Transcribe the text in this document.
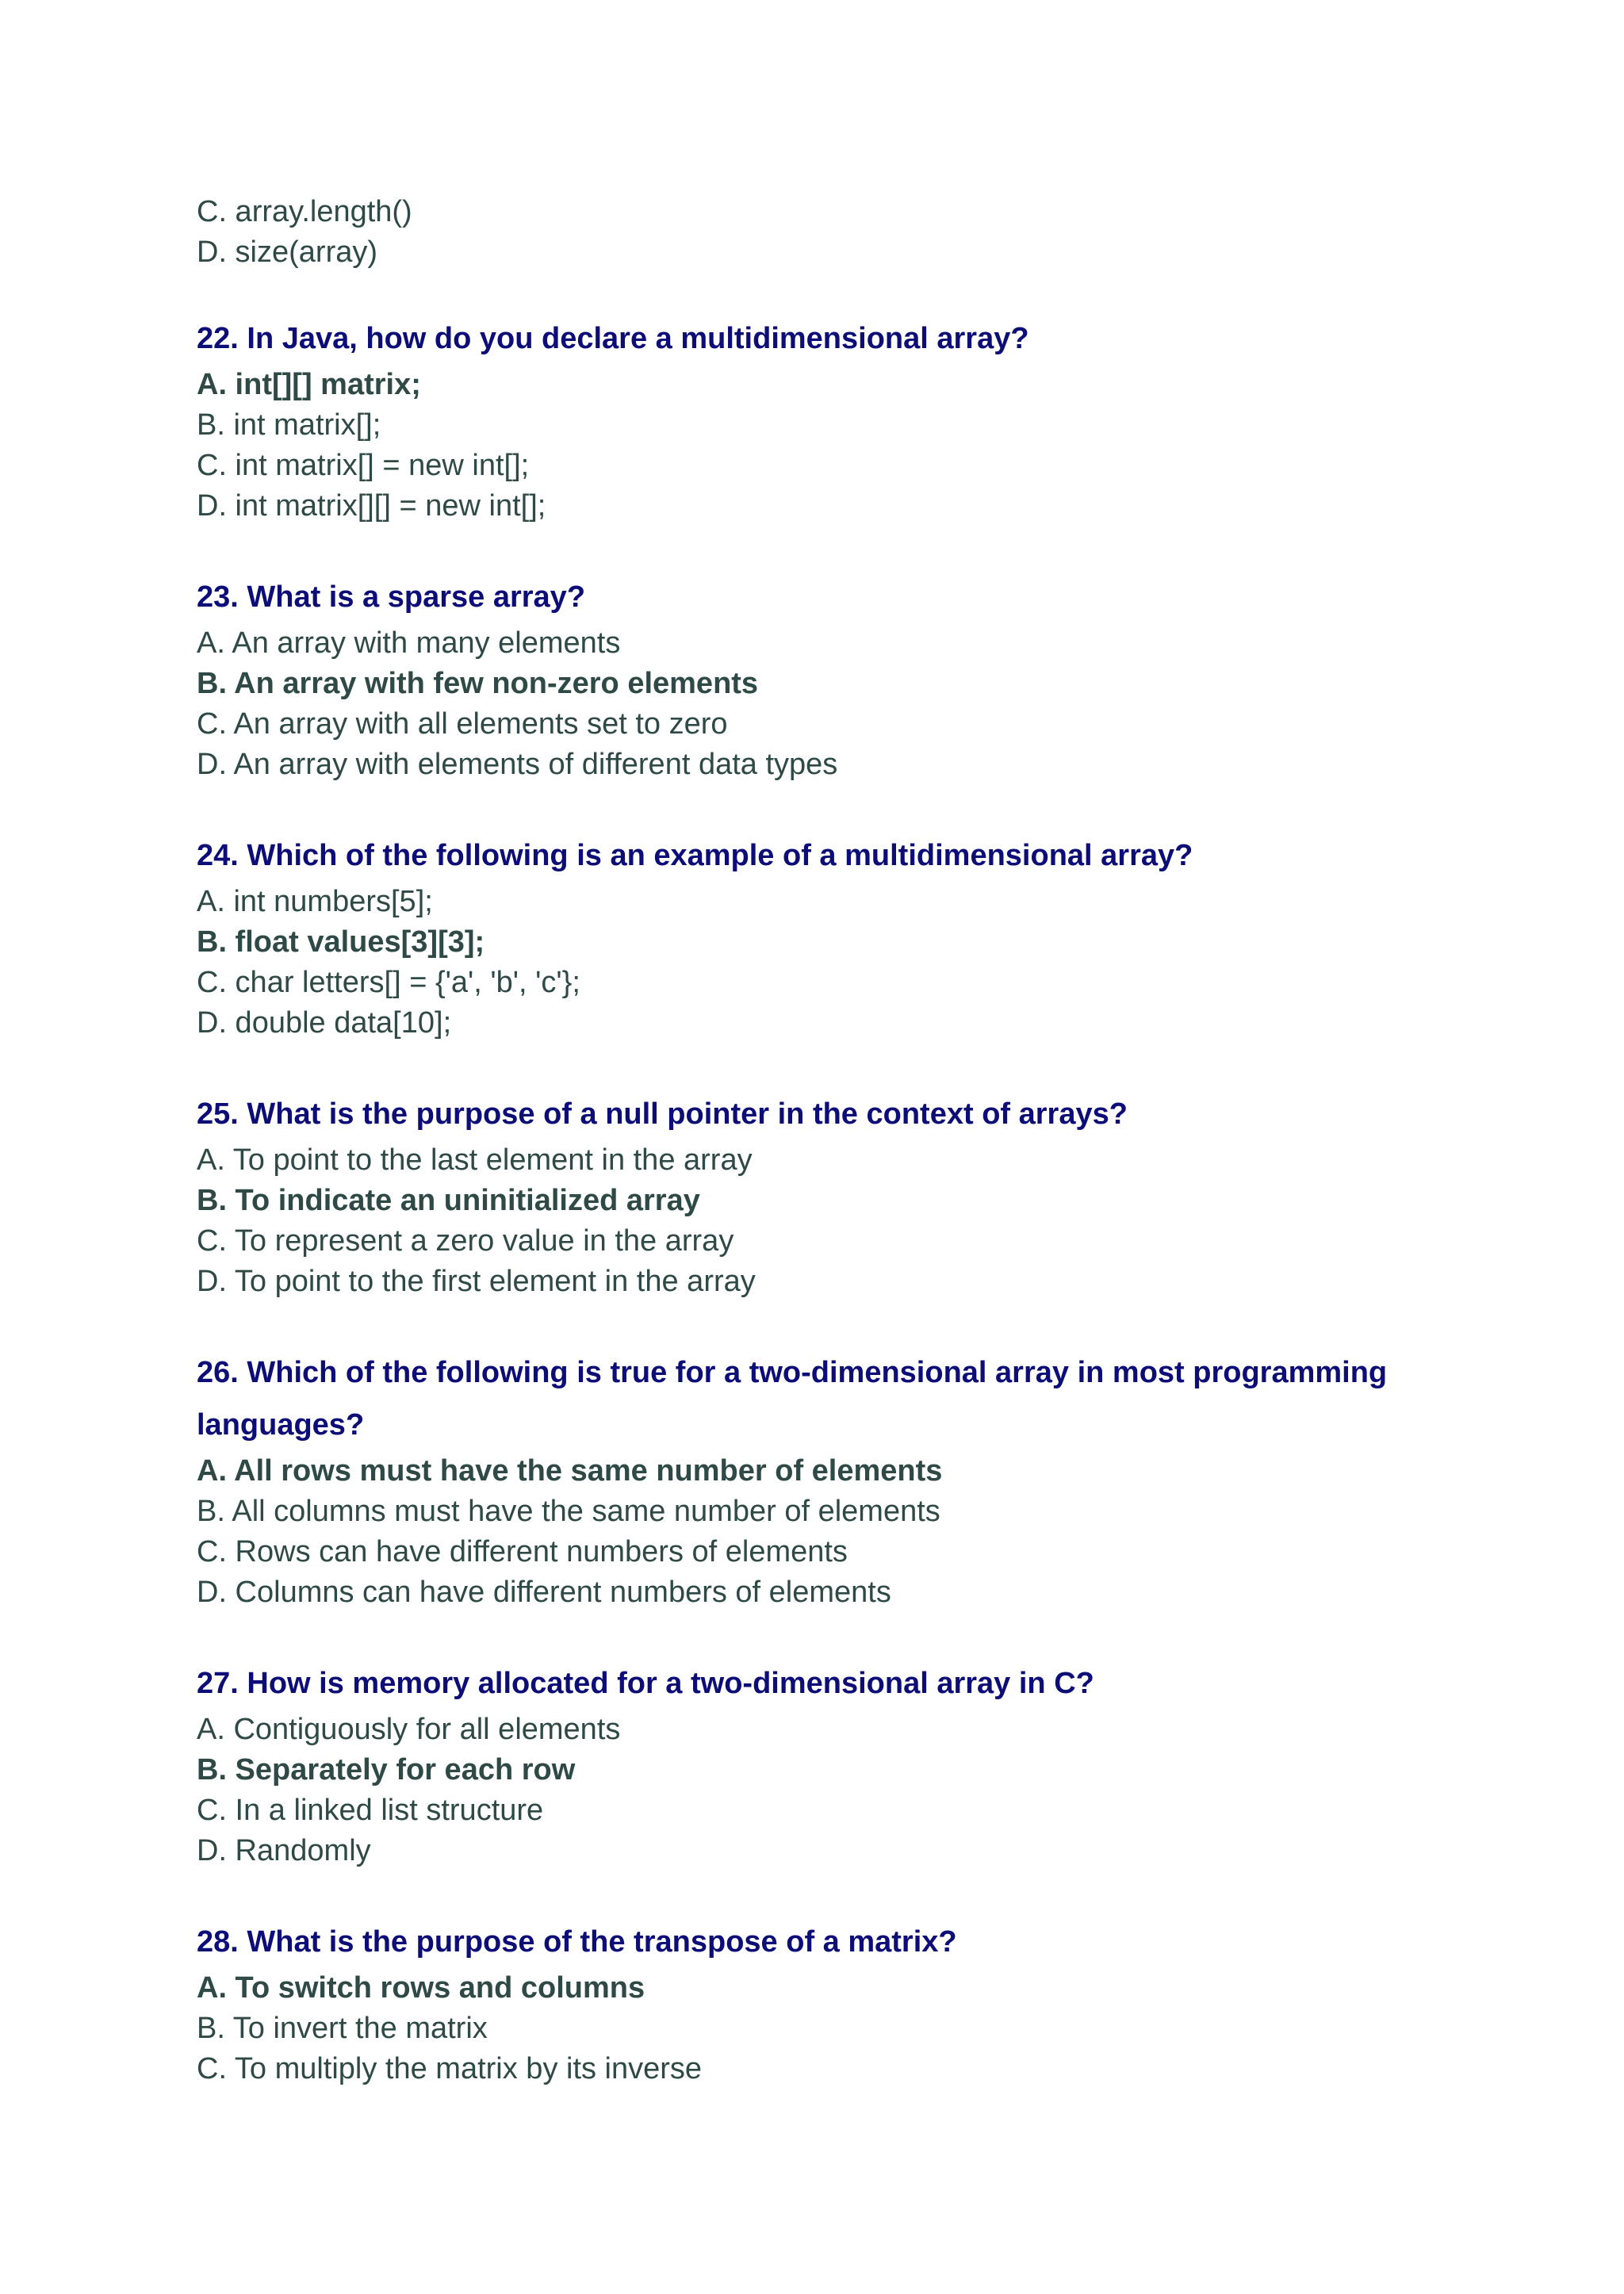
C. array.length()
D. size(array)
22. In Java, how do you declare a multidimensional array?
A. int[][] matrix;
B. int matrix[];
C. int matrix[] = new int[];
D. int matrix[][] = new int[];
23. What is a sparse array?
A. An array with many elements
B. An array with few non-zero elements
C. An array with all elements set to zero
D. An array with elements of different data types
24. Which of the following is an example of a multidimensional array?
A. int numbers[5];
B. float values[3][3];
C. char letters[] = {'a', 'b', 'c'};
D. double data[10];
25. What is the purpose of a null pointer in the context of arrays?
A. To point to the last element in the array
B. To indicate an uninitialized array
C. To represent a zero value in the array
D. To point to the first element in the array
26. Which of the following is true for a two-dimensional array in most programming
languages?
A. All rows must have the same number of elements
B. All columns must have the same number of elements
C. Rows can have different numbers of elements
D. Columns can have different numbers of elements
27. How is memory allocated for a two-dimensional array in C?
A. Contiguously for all elements
B. Separately for each row
C. In a linked list structure
D. Randomly
28. What is the purpose of the transpose of a matrix?
A. To switch rows and columns
B. To invert the matrix
C. To multiply the matrix by its inverse
